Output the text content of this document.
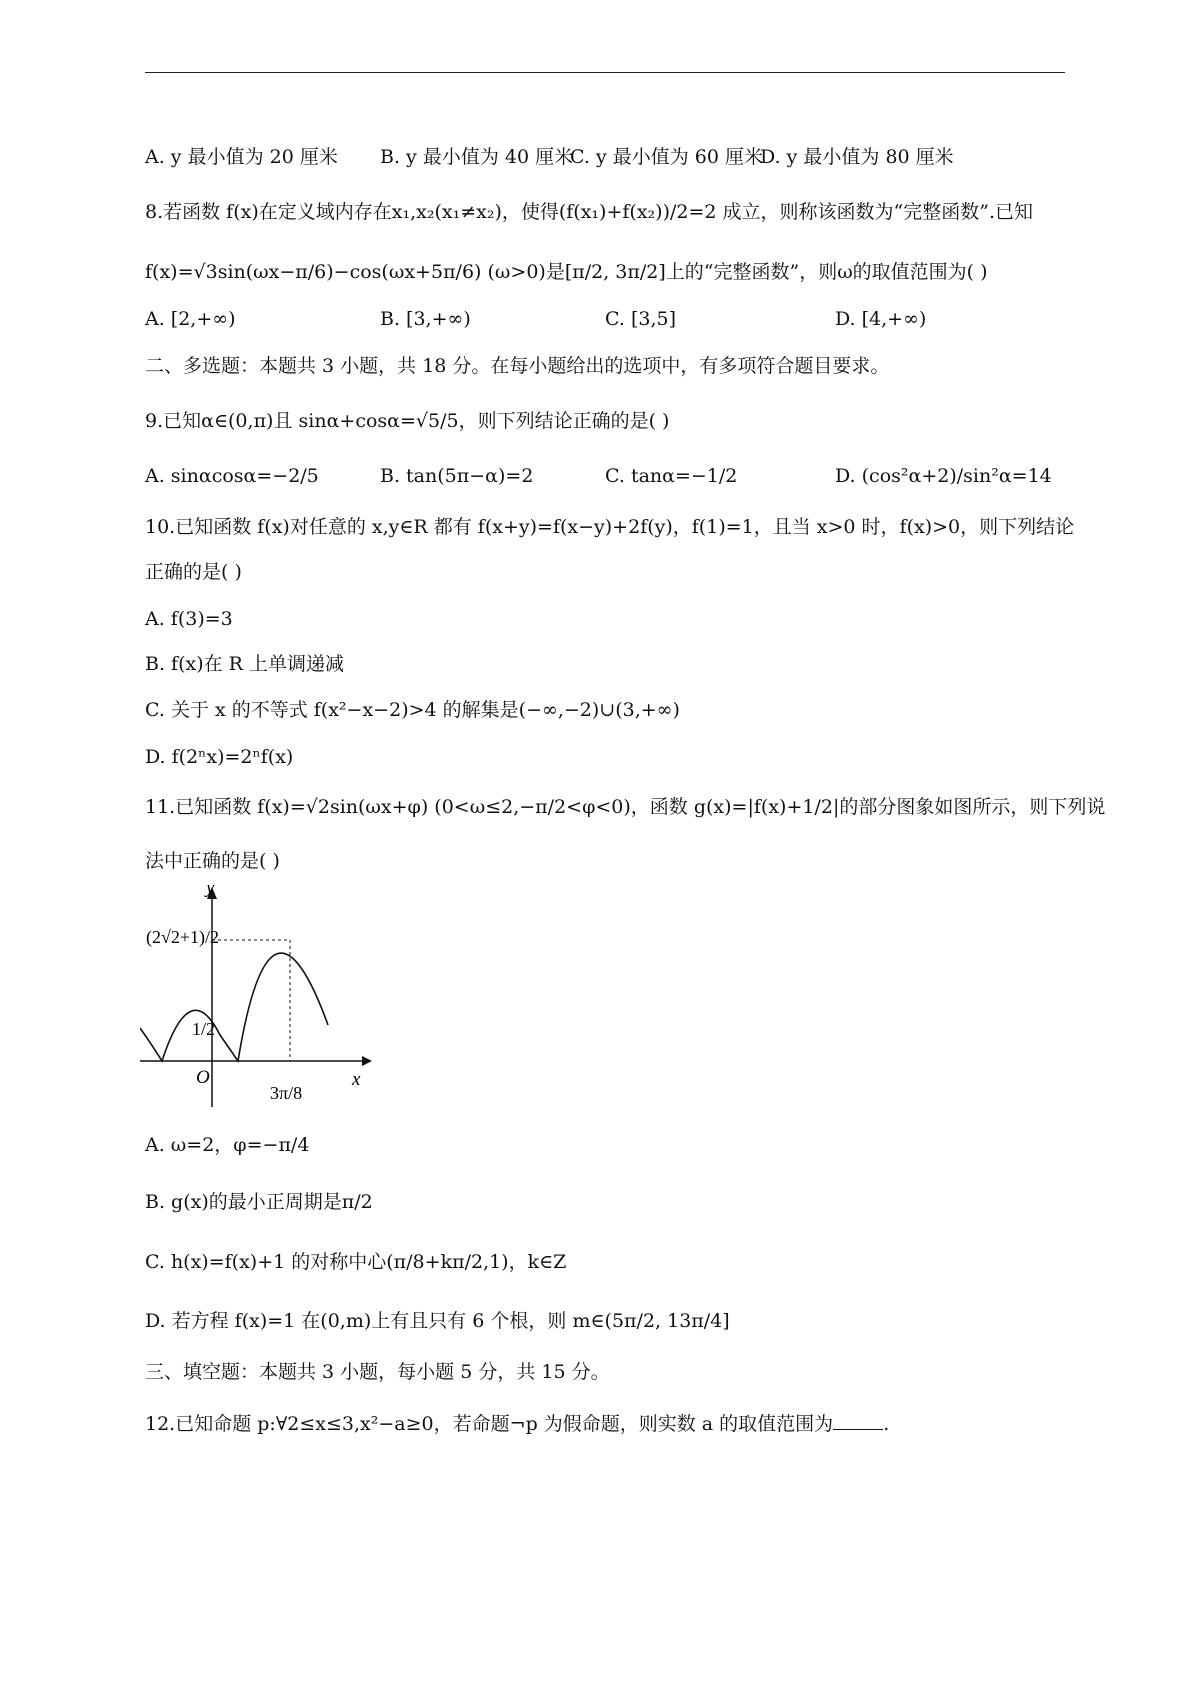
A. y 最小值为 20 厘米 B. y 最小值为 40 厘米
C. y 最小值为 60 厘米
D. y 最小值为 80 厘米
8.若函数 f(x)在定义域内存在x₁,x₂(x₁≠x₂)，使得(f(x₁)+f(x₂))/2=2 成立，则称该函数为“完整函数”.已知
f(x)=√3sin(ωx−π/6)−cos(ωx+5π/6) (ω>0)是[π/2, 3π/2]上的“完整函数”，则ω的取值范围为( )
A. [2,+∞)	B. [3,+∞)	C. [3,5]	D. [4,+∞)
二、多选题：本题共 3 小题，共 18 分。在每小题给出的选项中，有多项符合题目要求。
9.已知α∈(0,π)且 sinα+cosα=√5/5，则下列结论正确的是( )
A. sinαcosα=−2/5	B. tan(5π−α)=2	C. tanα=−1/2	D. (cos²α+2)/sin²α=14
10.已知函数 f(x)对任意的 x,y∈R 都有 f(x+y)=f(x−y)+2f(y)，f(1)=1，且当 x>0 时，f(x)>0，则下列结论
正确的是( )
A. f(3)=3
B. f(x)在 R 上单调递减
C. 关于 x 的不等式 f(x²−x−2)>4 的解集是(−∞,−2)∪(3,+∞)
D. f(2ⁿx)=2ⁿf(x)
11.已知函数 f(x)=√2sin(ωx+φ) (0<ω≤2,−π/2<φ<0)，函数 g(x)=|f(x)+1/2|的部分图象如图所示，则下列说
法中正确的是( )
y
x
O
(2√2+1)/2
1/2
3π/8
A. ω=2，φ=−π/4
B. g(x)的最小正周期是π/2
C. h(x)=f(x)+1 的对称中心(π/8+kπ/2,1)，k∈Z
D. 若方程 f(x)=1 在(0,m)上有且只有 6 个根，则 m∈(5π/2, 13π/4]
三、填空题：本题共 3 小题，每小题 5 分，共 15 分。
12.已知命题 p:∀2≤x≤3,x²−a≥0，若命题¬p 为假命题，则实数 a 的取值范围为	.
